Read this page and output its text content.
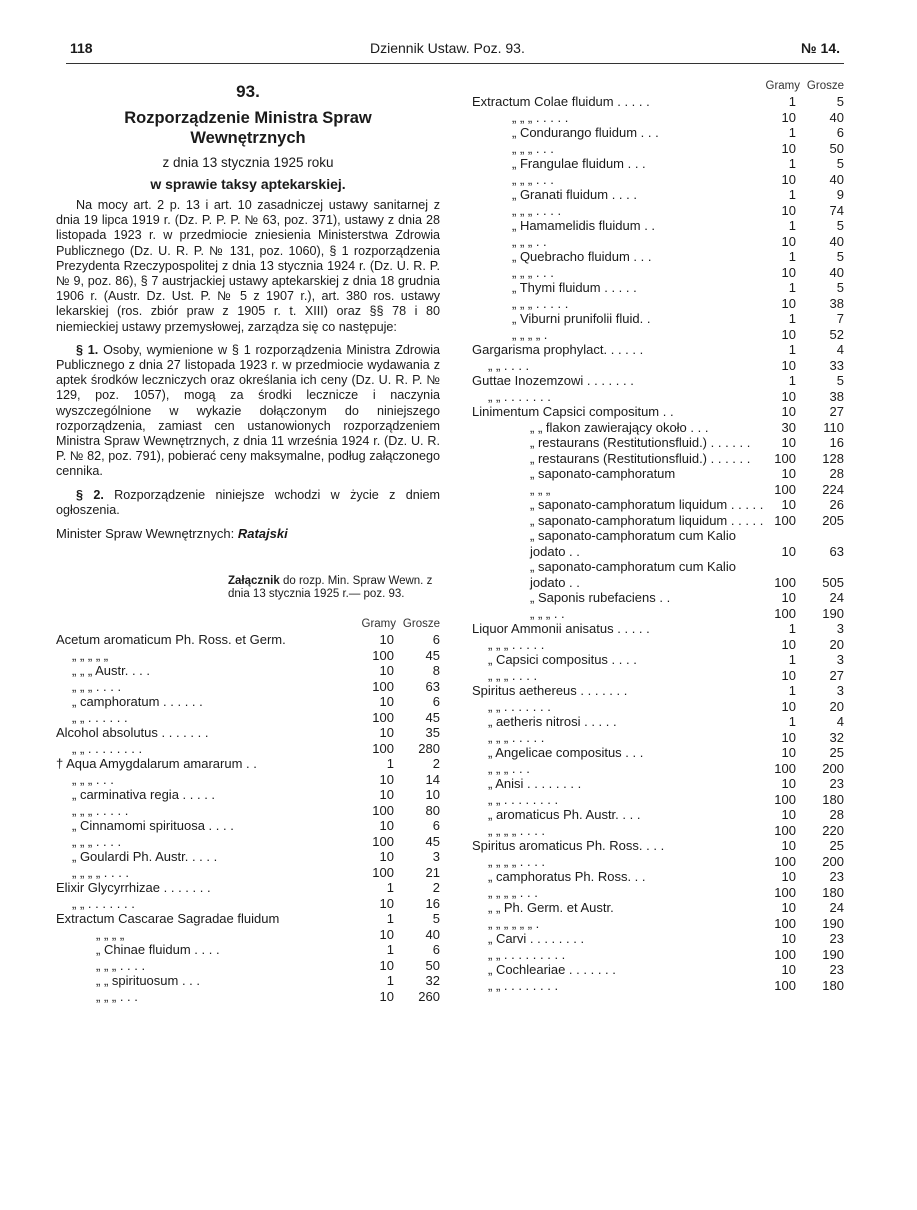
118	Dziennik Ustaw. Poz. 93.	№ 14.
93.
Rozporządzenie Ministra Spraw
Wewnętrznych
z dnia 13 stycznia 1925 roku
w sprawie taksy aptekarskiej.

Na mocy art. 2 p. 13 i art. 10 zasadniczej ustawy sanitarnej z dnia 19 lipca 1919 r. (Dz. P. P. P. № 63, poz. 371), ustawy z dnia 28 listopada 1923 r. w przedmiocie zniesienia Ministerstwa Zdrowia Publicznego (Dz. U. R. P. № 131, poz. 1060), § 1 rozporządzenia Prezydenta Rzeczypospolitej z dnia 13 stycznia 1924 r. (Dz. U. R. P. № 9, poz. 86), § 7 austrjackiej ustawy aptekarskiej z dnia 18 grudnia 1906 r. (Austr. Dz. Ust. P. № 5 z 1907 r.), art. 380 ros. ustawy lekarskiej (ros. zbiór praw z 1905 r. t. XIII) oraz §§ 78 i 80 niemieckiej ustawy przemysłowej, zarządza się co następuje:

§ 1. Osoby, wymienione w § 1 rozporządzenia Ministra Zdrowia Publicznego z dnia 27 listopada 1923 r. w przedmiocie wydawania z aptek środków leczniczych oraz określania ich ceny (Dz. U. R. P. № 129, poz. 1057), mogą za środki lecznicze i naczynia wyszczególnione w wykazie dołączonym do niniejszego rozporządzenia, zamiast cen ustanowionych rozporządzeniem Ministra Spraw Wewnętrznych, z dnia 11 września 1924 r. (Dz. U. R. P. № 82, poz. 791), pobierać ceny maksymalne, podług załączonego cennika.

§ 2. Rozporządzenie niniejsze wchodzi w życie z dniem ogłoszenia.

Minister Spraw Wewnętrznych: Ratajski
Załącznik do rozp. Min. Spraw Wewn. z dnia 13 stycznia 1925 r.— poz. 93.
Gramy Grosze
Acetum aromaticum Ph. Ross. et Germ.	10	6
„ „ „ „ „	100	45
„ „ „ Austr. . . .	10	8
„ „ „ . . . .	100	63
„ camphoratum . . . . . .	10	6
„ „ . . . . . .	100	45
Alcohol absolutus . . . . . . .	10	35
„ „ . . . . . . . .	100	280
† Aqua Amygdalarum amararum . .	1	2
„ „ „ . . .	10	14
„ carminativa regia . . . . .	10	10
„ „ „ . . . . .	100	80
„ Cinnamomi spirituosa . . . .	10	6
„ „ „ . . . .	100	45
„ Goulardi Ph. Austr. . . . .	10	3
„ „ „ „ . . . .	100	21
Elixir Glycyrrhizae . . . . . . .	1	2
„ „ . . . . . . .	10	16
Extractum Cascarae Sagradae fluidum	1	5
„ „ „ „	10	40
„ Chinae fluidum . . . .	1	6
„ „ „ . . . .	10	50
„ „ spirituosum . . .	1	32
„ „ „ . . .	10	260
Gramy Grosze
Extractum Colae fluidum . . . . .	1	5
„ „ „ . . . . .	10	40
„ Condurango fluidum . . .	1	6
„ „ „ . . .	10	50
„ Frangulae fluidum . . .	1	5
„ „ „ . . .	10	40
„ Granati fluidum . . . .	1	9
„ „ „ . . . .	10	74
„ Hamamelidis fluidum . .	1	5
„ „ „ . .	10	40
„ Quebracho fluidum . . .	1	5
„ „ „ . . .	10	40
„ Thymi fluidum . . . . .	1	5
„ „ „ . . . . .	10	38
„ Viburni prunifolii fluid. .	1	7
„ „ „ „ .	10	52
Gargarisma prophylact. . . . . .	1	4
„ „ . . . .	10	33
Guttae Inozemzowi . . . . . . .	1	5
„ „ . . . . . . .	10	38
Linimentum Capsici compositum . .	10	27
„ „ flakon zawierający około . . .	30	110
„ restaurans (Restitutionsfluid.) . . . . . .	10	16
„ restaurans (Restitutionsfluid.) . . . . . .	100	128
„ saponato-camphoratum	10	28
„ „ „	100	224
„ saponato-camphoratum liquidum . . . . .	10	26
„ saponato-camphoratum liquidum . . . . . 100	205
„ saponato-camphoratum cum Kalio jodato . .	10	63
„ saponato-camphoratum cum Kalio jodato . .	100	505
„ Saponis rubefaciens . .	10	24
„ „ „ . .	100	190
Liquor Ammonii anisatus . . . . .	1	3
„ „ „ . . . . .	10	20
„ Capsici compositus . . . .	1	3
„ „ „ . . . .	10	27
Spiritus aethereus . . . . . . .	1	3
„ „ . . . . . . .	10	20
„ aetheris nitrosi . . . . .	1	4
„ „ „ . . . . .	10	32
„ Angelicae compositus . . .	10	25
„ „ „ . . .	100	200
„ Anisi . . . . . . . .	10	23
„ „ . . . . . . . .	100	180
„ aromaticus Ph. Austr. . . .	10	28
„ „ „ „ . . . .	100	220
Spiritus aromaticus Ph. Ross. . . .	10	25
„ „ „ „ . . . .	100	200
„ camphoratus Ph. Ross. . .	10	23
„ „ „ „ . . .	100	180
„ „ Ph. Germ. et Austr.	10	24
„ „ „ „ „ „ .	100	190
„ Carvi . . . . . . . .	10	23
„ „ . . . . . . . . .	100	190
„ Cochleariae . . . . . . .	10	23
„ „ . . . . . . . .	100	180
